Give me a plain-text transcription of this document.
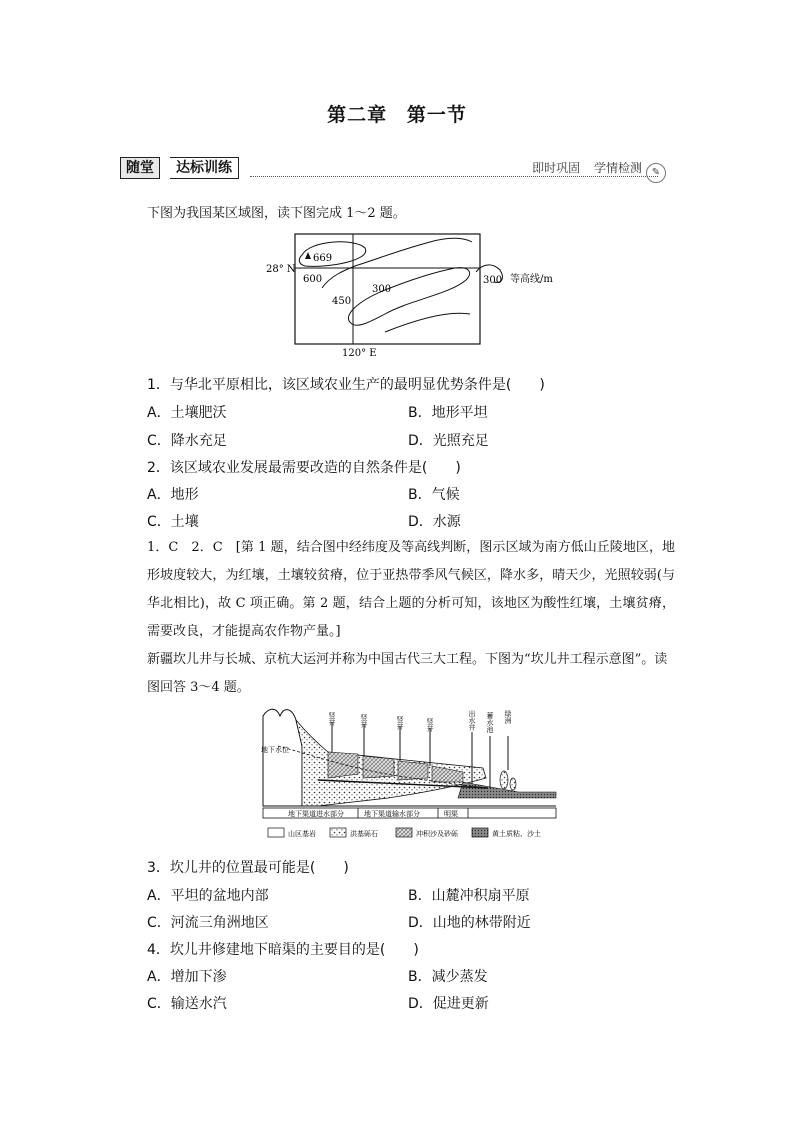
第二章 第一节
随堂	达标训练	即时巩固 学情检测 ✎
下图为我国某区域图，读下图完成 1～2 题。
669
600
450
300
28° N
120° E
300 等高线/m
1．与华北平原相比，该区域农业生产的最明显优势条件是(　　)
A．土壤肥沃	B．地形平坦
C．降水充足	D．光照充足
2．该区域农业发展最需要改造的自然条件是(　　)
A．地形	B．气候
C．土壤	D．水源
1．C　2．C　[第 1 题，结合图中经纬度及等高线判断，图示区域为南方低山丘陵地区，地形坡度较大，为红壤，土壤较贫瘠，位于亚热带季风气候区，降水多，晴天少，光照较弱(与华北相比)，故 C 项正确。第 2 题，结合上题的分析可知，该地区为酸性红壤，土壤贫瘠，需要改良，才能提高农作物产量。]
新疆坎儿井与长城、京杭大运河并称为中国古代三大工程。下图为“坎儿井工程示意图”。读图回答 3～4 题。
地下水位
竖井	竖井	竖井	竖井	出水井 蓄水池 绿洲
地下渠道进水部分	地下渠道输水部分	明渠
山区基岩	洪基砾石	冲积沙及砂砾	黄土质粘、沙土
3．坎儿井的位置最可能是(　　)
A．平坦的盆地内部	B．山麓冲积扇平原
C．河流三角洲地区	D．山地的林带附近
4．坎儿井修建地下暗渠的主要目的是(　　)
A．增加下渗	B．减少蒸发
C．输送水汽	D．促进更新
